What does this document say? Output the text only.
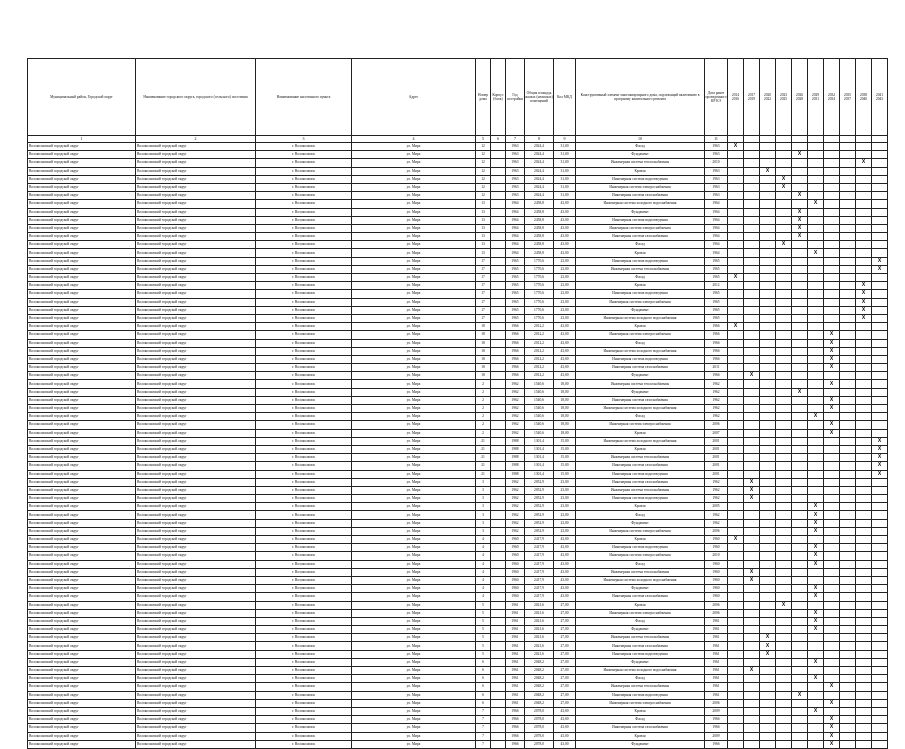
Муниципальный район, Городской округ	Наименование городского округа, городского (сельского) поселения	Наименование населенного пункта	Адрес	Номер дома	Корпус (блок)	Год постройки	Общая площадь жилых (нежилых) помещений	Кол МКД	Конструктивный элемент многоквартирного дома, подлежащий включению в программу капитального ремонта	Дата ранее проведенного КР КЭ	2014 2016	2017 2019	2020 2022	2023 2025	2026 2028	2029 2031	2032 2034	2035 2037	2038 2040	2041 2043
1	2	3	4	5	6	7	8	9	10	11										
Волоколамский городской округ	Волоколамский городской округ	г. Волоколамск	ул. Мира	12		1963	2024,4	31,00	Фасад	1963	X									
Волоколамский городской округ	Волоколамский городской округ	г. Волоколамск	ул. Мира	12		1963	2024,4	31,00	Фундамент	1963					X					
Волоколамский городской округ	Волоколамский городской округ	г. Волоколамск	ул. Мира	12		1963	2024,4	31,00	Инженерная система теплоснабжения	2010									X	
Волоколамский городской округ	Волоколамский городской округ	г. Волоколамск	ул. Мира	12		1963	2024,4	31,00	Кровля	1963			X							
Волоколамский городской округ	Волоколамский городской округ	г. Волоколамск	ул. Мира	12		1963	2024,4	31,00	Инженерная система водоотведения	1963				X						
Волоколамский городской округ	Волоколамский городской округ	г. Волоколамск	ул. Мира	12		1963	2024,4	31,00	Инженерная система электроснабжения	1963				X						
Волоколамский городской округ	Волоколамский городской округ	г. Волоколамск	ул. Мира	12		1963	2024,4	31,00	Инженерная система газоснабжения	1963					X					
Волоколамский городской округ	Волоколамский городской округ	г. Волоколамск	ул. Мира	13		1964	2458,8	43,00	Инженерная система холодного водоснабжения	1964						X				
Волоколамский городской округ	Волоколамский городской округ	г. Волоколамск	ул. Мира	13		1964	2458,8	43,00	Фундамент	1964					X					
Волоколамский городской округ	Волоколамский городской округ	г. Волоколамск	ул. Мира	13		1964	2458,8	43,00	Инженерная система водоотведения	1964					X					
Волоколамский городской округ	Волоколамский городской округ	г. Волоколамск	ул. Мира	13		1964	2458,8	43,00	Инженерная система электроснабжения	1964					X					
Волоколамский городской округ	Волоколамский городской округ	г. Волоколамск	ул. Мира	13		1964	2458,8	43,00	Инженерная система газоснабжения	1964					X					
Волоколамский городской округ	Волоколамский городской округ	г. Волоколамск	ул. Мира	13		1964	2458,8	43,00	Фасад	1964				X						
Волоколамский городской округ	Волоколамский городской округ	г. Волоколамск	ул. Мира	13		1964	2458,8	43,00	Кровля	1964						X				
Волоколамский городской округ	Волоколамский городской округ	г. Волоколамск	ул. Мира	17		1965	1770,6	23,00	Инженерная система водоотведения	1965										X
Волоколамский городской округ	Волоколамский городской округ	г. Волоколамск	ул. Мира	17		1965	1770,6	23,00	Инженерная система теплоснабжения	1965										X
Волоколамский городской округ	Волоколамский городской округ	г. Волоколамск	ул. Мира	17		1965	1770,6	23,00	Фасад	1965	X									
Волоколамский городской округ	Волоколамский городской округ	г. Волоколамск	ул. Мира	17		1965	1770,6	23,00	Кровля	2012									X	
Волоколамский городской округ	Волоколамский городской округ	г. Волоколамск	ул. Мира	17		1965	1770,6	23,00	Инженерная система водоотведения	1965									X	
Волоколамский городской округ	Волоколамский городской округ	г. Волоколамск	ул. Мира	17		1965	1770,6	23,00	Инженерная система электроснабжения	1965									X	
Волоколамский городской округ	Волоколамский городской округ	г. Волоколамск	ул. Мира	17		1965	1770,6	23,00	Фундамент	1965									X	
Волоколамский городской округ	Волоколамский городской округ	г. Волоколамск	ул. Мира	17		1965	1770,6	23,00	Инженерная система холодного водоснабжения	1965									X	
Волоколамский городской округ	Волоколамский городской округ	г. Волоколамск	ул. Мира	18		1966	2012,2	43,00	Кровля	1966	X									
Волоколамский городской округ	Волоколамский городской округ	г. Волоколамск	ул. Мира	18		1966	2012,2	43,00	Инженерная система электроснабжения	1966							X			
Волоколамский городской округ	Волоколамский городской округ	г. Волоколамск	ул. Мира	18		1966	2012,2	43,00	Фасад	1966							X			
Волоколамский городской округ	Волоколамский городской округ	г. Волоколамск	ул. Мира	18		1966	2012,2	43,00	Инженерная система холодного водоснабжения	1966							X			
Волоколамский городской округ	Волоколамский городской округ	г. Волоколамск	ул. Мира	18		1966	2012,2	43,00	Инженерная система водоотведения	1966							X			
Волоколамский городской округ	Волоколамский городской округ	г. Волоколамск	ул. Мира	18		1966	2012,2	43,00	Инженерная система газоснабжения	2011							X			
Волоколамский городской округ	Волоколамский городской округ	г. Волоколамск	ул. Мира	18		1966	2012,2	43,00	Фундамент	1966		X								
Волоколамский городской округ	Волоколамский городской округ	г. Волоколамск	ул. Мира	2		1962	1540,6	18,00	Инженерная система теплоснабжения	1962							X			
Волоколамский городской округ	Волоколамский городской округ	г. Волоколамск	ул. Мира	2		1962	1540,6	18,00	Фундамент	1962					X					
Волоколамский городской округ	Волоколамский городской округ	г. Волоколамск	ул. Мира	2		1962	1540,6	18,00	Инженерная система газоснабжения	1962							X			
Волоколамский городской округ	Волоколамский городской округ	г. Волоколамск	ул. Мира	2		1962	1540,6	18,00	Инженерная система холодного водоснабжения	1962							X			
Волоколамский городской округ	Волоколамский городской округ	г. Волоколамск	ул. Мира	2		1962	1540,6	18,00	Фасад	1962						X				
Волоколамский городской округ	Волоколамский городской округ	г. Волоколамск	ул. Мира	2		1962	1540,6	18,00	Инженерная система электроснабжения	2006							X			
Волоколамский городской округ	Волоколамский городской округ	г. Волоколамск	ул. Мира	2		1962	1540,6	18,00	Кровля	2007							X			
Волоколамский городской округ	Волоколамский городской округ	г. Волоколамск	ул. Мира	21		1988	1301,4	15,00	Инженерная система холодного водоснабжения	2001										X
Волоколамский городской округ	Волоколамский городской округ	г. Волоколамск	ул. Мира	21		1988	1301,4	15,00	Кровля	2001										X
Волоколамский городской округ	Волоколамский городской округ	г. Волоколамск	ул. Мира	21		1988	1301,4	15,00	Инженерная система теплоснабжения	2001										X
Волоколамский городской округ	Волоколамский городской округ	г. Волоколамск	ул. Мира	21		1988	1301,4	15,00	Инженерная система газоснабжения	2001										X
Волоколамский городской округ	Волоколамский городской округ	г. Волоколамск	ул. Мира	21		1988	1301,4	15,00	Инженерная система водоотведения	2001										X
Волоколамский городской округ	Волоколамский городской округ	г. Волоколамск	ул. Мира	3		1962	2052,9	23,00	Инженерная система газоснабжения	1962		X								
Волоколамский городской округ	Волоколамский городской округ	г. Волоколамск	ул. Мира	3		1962	2052,9	23,00	Инженерная система теплоснабжения	1962		X								
Волоколамский городской округ	Волоколамский городской округ	г. Волоколамск	ул. Мира	3		1962	2052,9	23,00	Инженерная система водоотведения	1962		X								
Волоколамский городской округ	Волоколамский городской округ	г. Волоколамск	ул. Мира	3		1962	2052,9	23,00	Кровля	2005						X				
Волоколамский городской округ	Волоколамский городской округ	г. Волоколамск	ул. Мира	3		1962	2052,9	23,00	Фасад	1962						X				
Волоколамский городской округ	Волоколамский городской округ	г. Волоколамск	ул. Мира	3		1962	2052,9	23,00	Фундамент	1962						X				
Волоколамский городской округ	Волоколамский городской округ	г. Волоколамск	ул. Мира	3		1962	2052,9	23,00	Инженерная система электроснабжения	2006						X				
Волоколамский городской округ	Волоколамский городской округ	г. Волоколамск	ул. Мира	4		1960	2417,9	43,00	Кровля	1960	X									
Волоколамский городской округ	Волоколамский городской округ	г. Волоколамск	ул. Мира	4		1960	2417,9	43,00	Инженерная система водоотведения	1960						X				
Волоколамский городской округ	Волоколамский городской округ	г. Волоколамск	ул. Мира	4		1960	2417,9	43,00	Инженерная система электроснабжения	2010						X				
Волоколамский городской округ	Волоколамский городской округ	г. Волоколамск	ул. Мира	4		1960	2417,9	43,00	Фасад	1960						X				
Волоколамский городской округ	Волоколамский городской округ	г. Волоколамск	ул. Мира	4		1960	2417,9	43,00	Инженерная система теплоснабжения	1960		X								
Волоколамский городской округ	Волоколамский городской округ	г. Волоколамск	ул. Мира	4		1960	2417,9	43,00	Инженерная система холодного водоснабжения	1960		X								
Волоколамский городской округ	Волоколамский городской округ	г. Волоколамск	ул. Мира	4		1960	2417,9	43,00	Фундамент	1960						X				
Волоколамский городской округ	Волоколамский городской округ	г. Волоколамск	ул. Мира	4		1960	2417,9	43,00	Инженерная система газоснабжения	1960						X				
Волоколамский городской округ	Волоколамский городской округ	г. Волоколамск	ул. Мира	5		1961	2021,6	27,00	Кровля	2006				X						
Волоколамский городской округ	Волоколамский городской округ	г. Волоколамск	ул. Мира	5		1961	2021,6	27,00	Инженерная система электроснабжения	2006						X				
Волоколамский городской округ	Волоколамский городской округ	г. Волоколамск	ул. Мира	5		1961	2021,6	27,00	Фасад	1961						X				
Волоколамский городской округ	Волоколамский городской округ	г. Волоколамск	ул. Мира	5		1961	2021,6	27,00	Фундамент	1961						X				
Волоколамский городской округ	Волоколамский городской округ	г. Волоколамск	ул. Мира	5		1961	2021,6	27,00	Инженерная система теплоснабжения	1961			X							
Волоколамский городской округ	Волоколамский городской округ	г. Волоколамск	ул. Мира	5		1961	2021,6	27,00	Инженерная система газоснабжения	1961			X							
Волоколамский городской округ	Волоколамский городской округ	г. Волоколамск	ул. Мира	5		1961	2021,6	27,00	Инженерная система водоотведения	1961			X							
Волоколамский городской округ	Волоколамский городской округ	г. Волоколамск	ул. Мира	6		1961	2048,2	27,00	Фундамент	1961						X				
Волоколамский городской округ	Волоколамский городской округ	г. Волоколамск	ул. Мира	6		1961	2048,2	27,00	Инженерная система холодного водоснабжения	1961		X								
Волоколамский городской округ	Волоколамский городской округ	г. Волоколамск	ул. Мира	6		1961	2048,2	27,00	Фасад	1961						X				
Волоколамский городской округ	Волоколамский городской округ	г. Волоколамск	ул. Мира	6		1961	2048,2	27,00	Инженерная система теплоснабжения	1961							X			
Волоколамский городской округ	Волоколамский городской округ	г. Волоколамск	ул. Мира	6		1961	2048,2	27,00	Инженерная система водоотведения	1961					X					
Волоколамский городской округ	Волоколамский городской округ	г. Волоколамск	ул. Мира	6		1961	2048,2	27,00	Инженерная система электроснабжения	2006							X			
Волоколамский городской округ	Волоколамский городской округ	г. Волоколамск	ул. Мира	7		1966	2078,0	43,00	Кровля	2009						X				
Волоколамский городской округ	Волоколамский городской округ	г. Волоколамск	ул. Мира	7		1966	2078,0	43,00	Фасад	1966							X			
Волоколамский городской округ	Волоколамский городской округ	г. Волоколамск	ул. Мира	7		1966	2078,0	43,00	Инженерная система газоснабжения	1966							X			
Волоколамский городской округ	Волоколамский городской округ	г. Волоколамск	ул. Мира	7		1966	2078,0	43,00	Кровля	2009							X			
Волоколамский городской округ	Волоколамский городской округ	г. Волоколамск	ул. Мира	7		1966	2078,0	43,00	Фундамент	1966							X			
